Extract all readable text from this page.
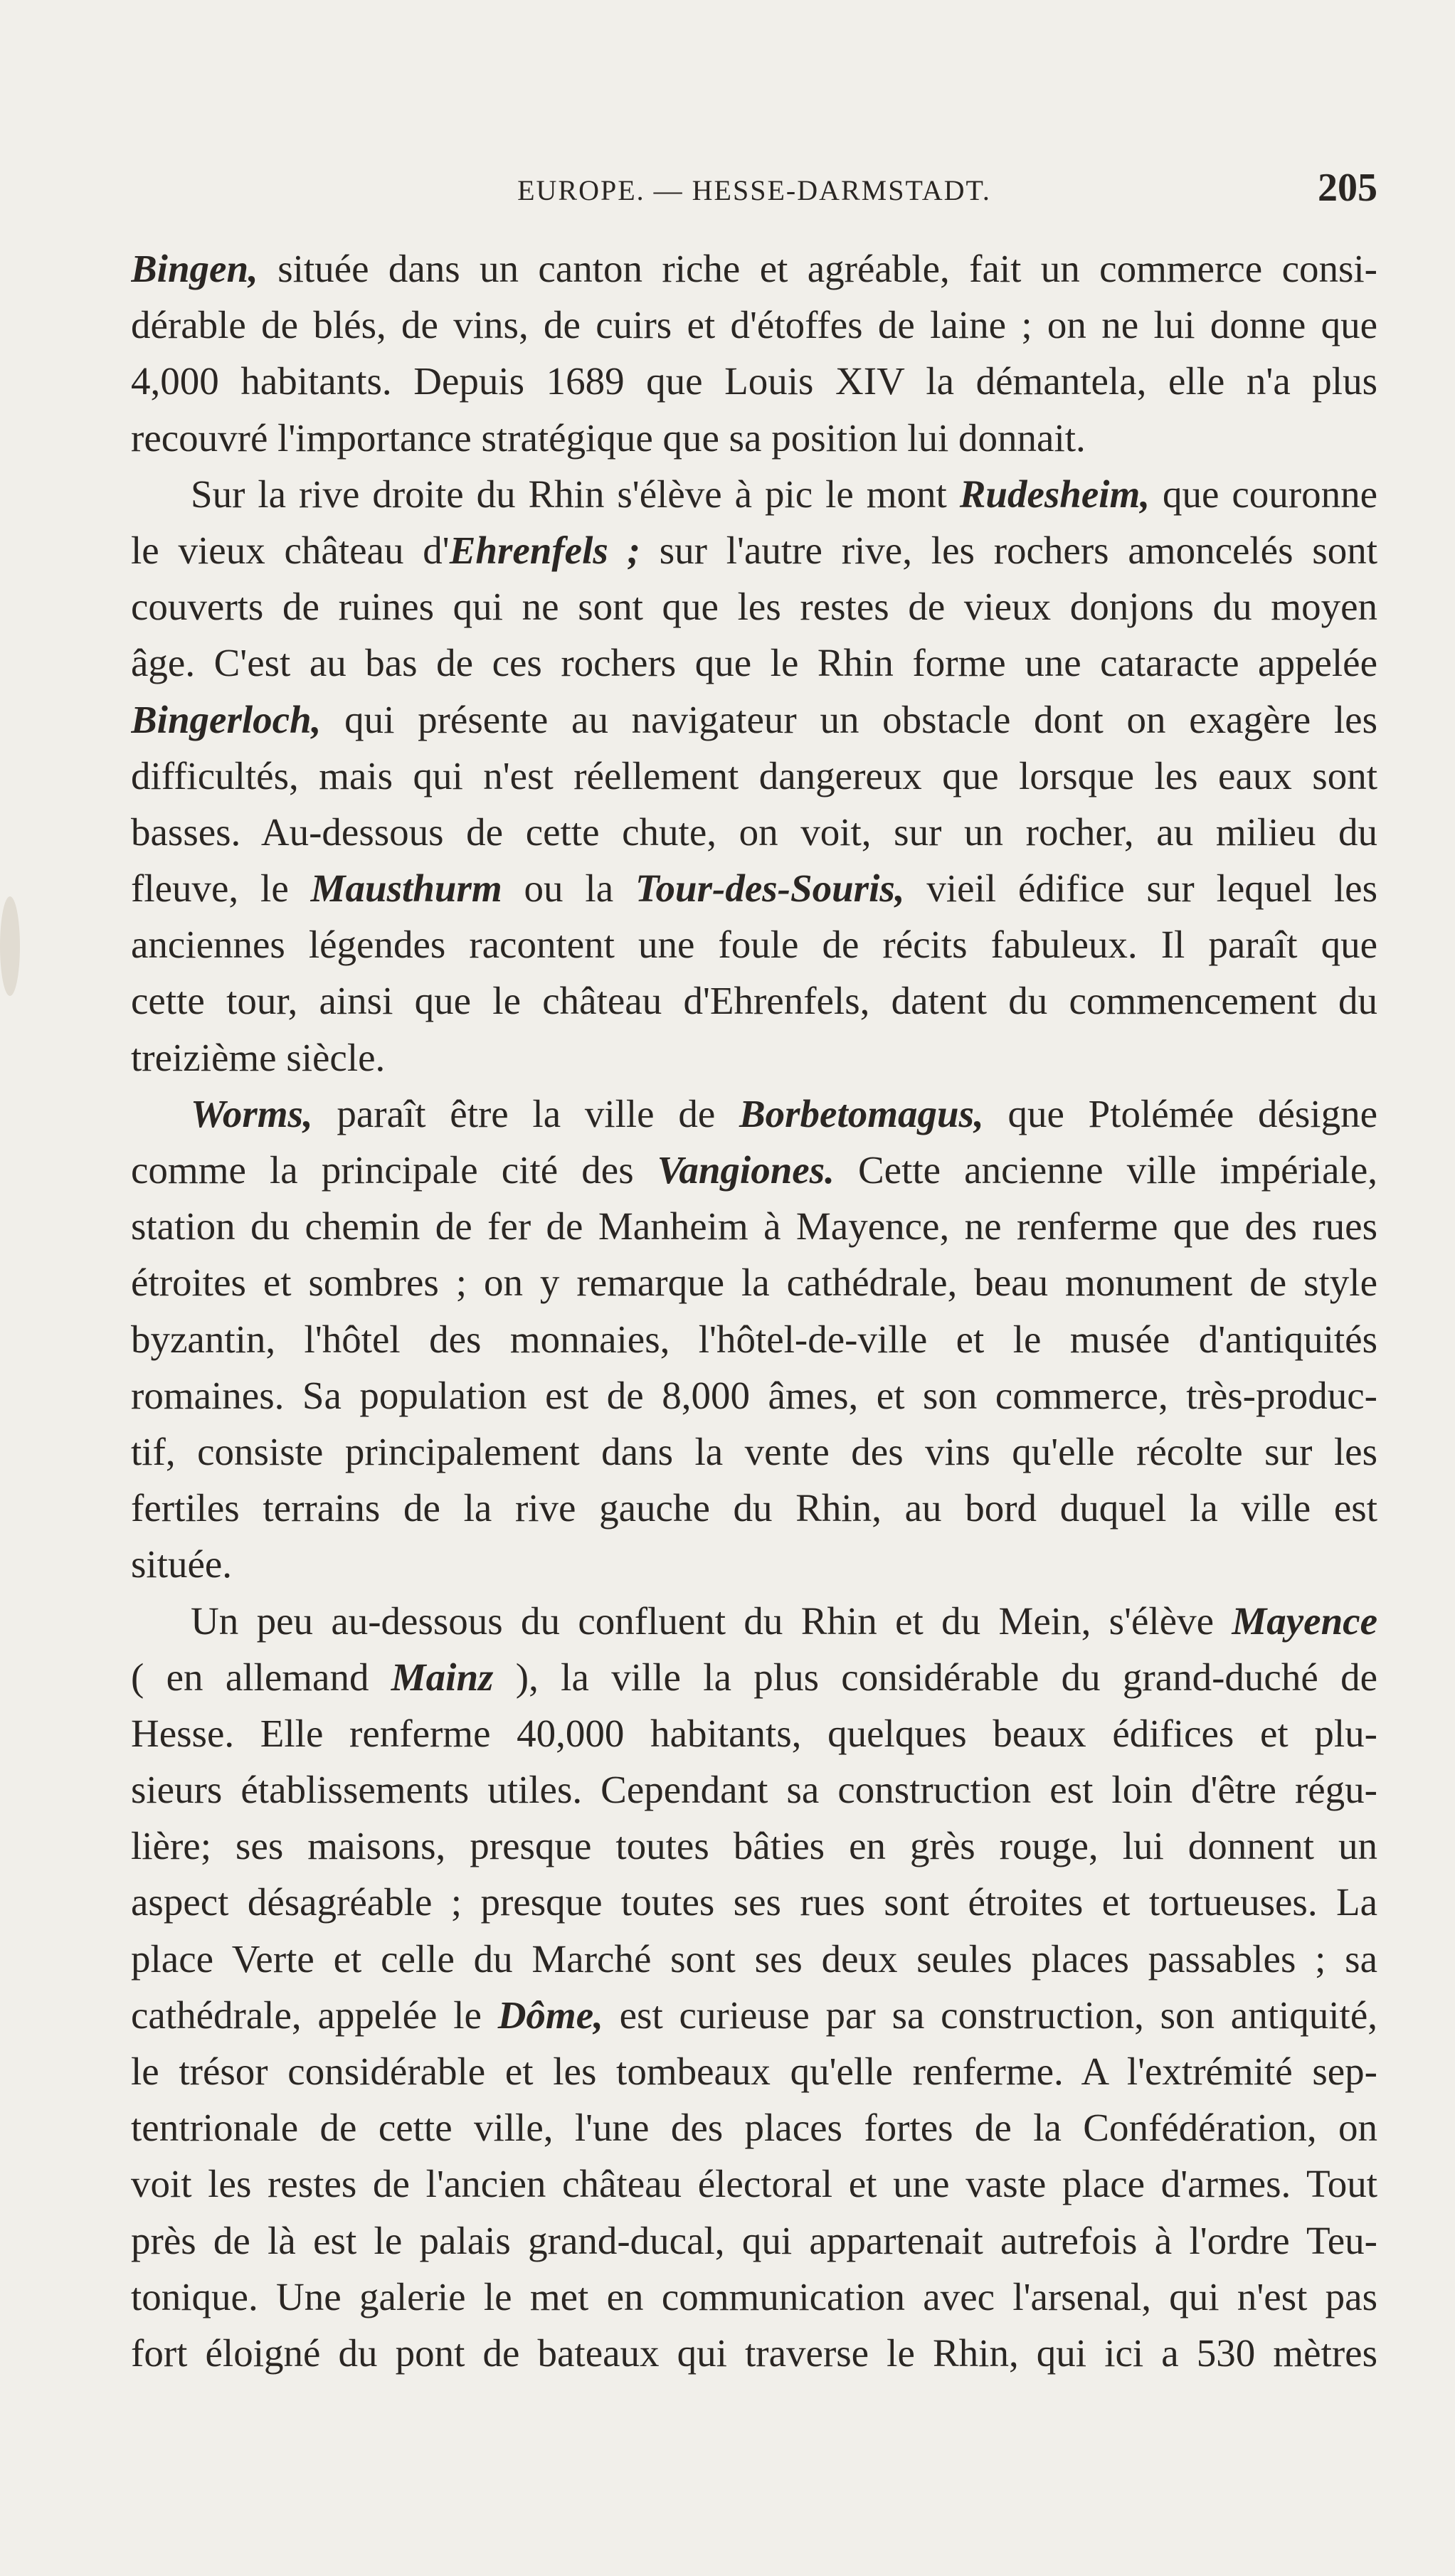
EUROPE. — HESSE-DARMSTADT.	205
Bingen, située dans un canton riche et agréable, fait un commerce consi-
dérable de blés, de vins, de cuirs et d'étoffes de laine ; on ne lui donne que
4,000 habitants. Depuis 1689 que Louis XIV la démantela, elle n'a plus
recouvré l'importance stratégique que sa position lui donnait.
Sur la rive droite du Rhin s'élève à pic le mont Rudesheim, que couronne
le vieux château d'Ehrenfels ; sur l'autre rive, les rochers amoncelés sont
couverts de ruines qui ne sont que les restes de vieux donjons du moyen
âge. C'est au bas de ces rochers que le Rhin forme une cataracte appelée
Bingerloch, qui présente au navigateur un obstacle dont on exagère les
difficultés, mais qui n'est réellement dangereux que lorsque les eaux sont
basses. Au-dessous de cette chute, on voit, sur un rocher, au milieu du
fleuve, le Mausthurm ou la Tour-des-Souris, vieil édifice sur lequel les
anciennes légendes racontent une foule de récits fabuleux. Il paraît que
cette tour, ainsi que le château d'Ehrenfels, datent du commencement du
treizième siècle.
Worms, paraît être la ville de Borbetomagus, que Ptolémée désigne
comme la principale cité des Vangiones. Cette ancienne ville impériale,
station du chemin de fer de Manheim à Mayence, ne renferme que des rues
étroites et sombres ; on y remarque la cathédrale, beau monument de style
byzantin, l'hôtel des monnaies, l'hôtel-de-ville et le musée d'antiquités
romaines. Sa population est de 8,000 âmes, et son commerce, très-produc-
tif, consiste principalement dans la vente des vins qu'elle récolte sur les
fertiles terrains de la rive gauche du Rhin, au bord duquel la ville est
située.
Un peu au-dessous du confluent du Rhin et du Mein, s'élève Mayence
( en allemand Mainz ), la ville la plus considérable du grand-duché de
Hesse. Elle renferme 40,000 habitants, quelques beaux édifices et plu-
sieurs établissements utiles. Cependant sa construction est loin d'être régu-
lière; ses maisons, presque toutes bâties en grès rouge, lui donnent un
aspect désagréable ; presque toutes ses rues sont étroites et tortueuses. La
place Verte et celle du Marché sont ses deux seules places passables ; sa
cathédrale, appelée le Dôme, est curieuse par sa construction, son antiquité,
le trésor considérable et les tombeaux qu'elle renferme. A l'extrémité sep-
tentrionale de cette ville, l'une des places fortes de la Confédération, on
voit les restes de l'ancien château électoral et une vaste place d'armes. Tout
près de là est le palais grand-ducal, qui appartenait autrefois à l'ordre Teu-
tonique. Une galerie le met en communication avec l'arsenal, qui n'est pas
fort éloigné du pont de bateaux qui traverse le Rhin, qui ici a 530 mètres
